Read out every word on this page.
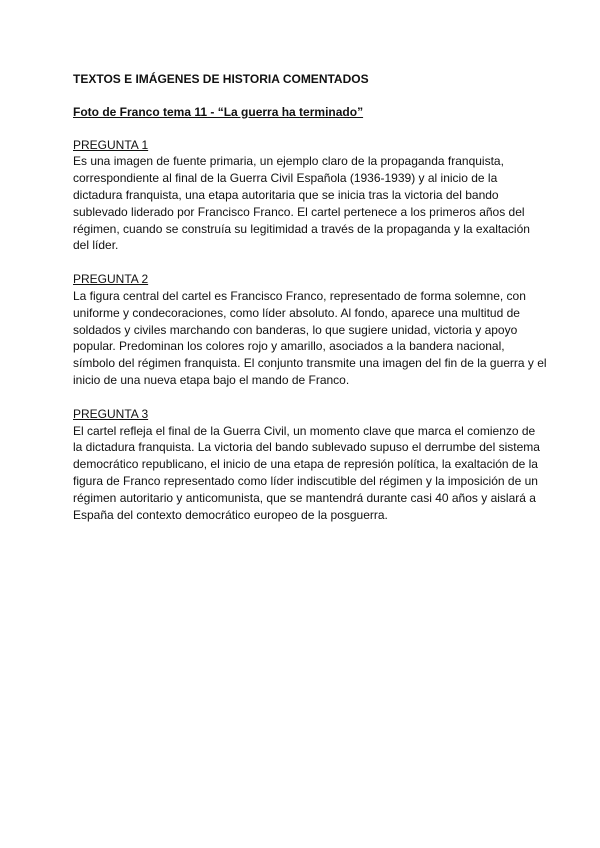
TEXTOS E IMÁGENES DE HISTORIA COMENTADOS
Foto de Franco tema 11 - “La guerra ha terminado”
PREGUNTA 1
Es una imagen de fuente primaria, un ejemplo claro de la propaganda franquista,
correspondiente al final de la Guerra Civil Española (1936-1939) y al inicio de la
dictadura franquista, una etapa autoritaria que se inicia tras la victoria del bando
sublevado liderado por Francisco Franco. El cartel pertenece a los primeros años del
régimen, cuando se construía su legitimidad a través de la propaganda y la exaltación
del líder.
PREGUNTA 2
La figura central del cartel es Francisco Franco, representado de forma solemne, con
uniforme y condecoraciones, como líder absoluto. Al fondo, aparece una multitud de
soldados y civiles marchando con banderas, lo que sugiere unidad, victoria y apoyo
popular. Predominan los colores rojo y amarillo, asociados a la bandera nacional,
símbolo del régimen franquista. El conjunto transmite una imagen del fin de la guerra y el
inicio de una nueva etapa bajo el mando de Franco.
PREGUNTA 3
El cartel refleja el final de la Guerra Civil, un momento clave que marca el comienzo de
la dictadura franquista. La victoria del bando sublevado supuso el derrumbe del sistema
democrático republicano, el inicio de una etapa de represión política, la exaltación de la
figura de Franco representado como líder indiscutible del régimen y la imposición de un
régimen autoritario y anticomunista, que se mantendrá durante casi 40 años y aislará a
España del contexto democrático europeo de la posguerra.
